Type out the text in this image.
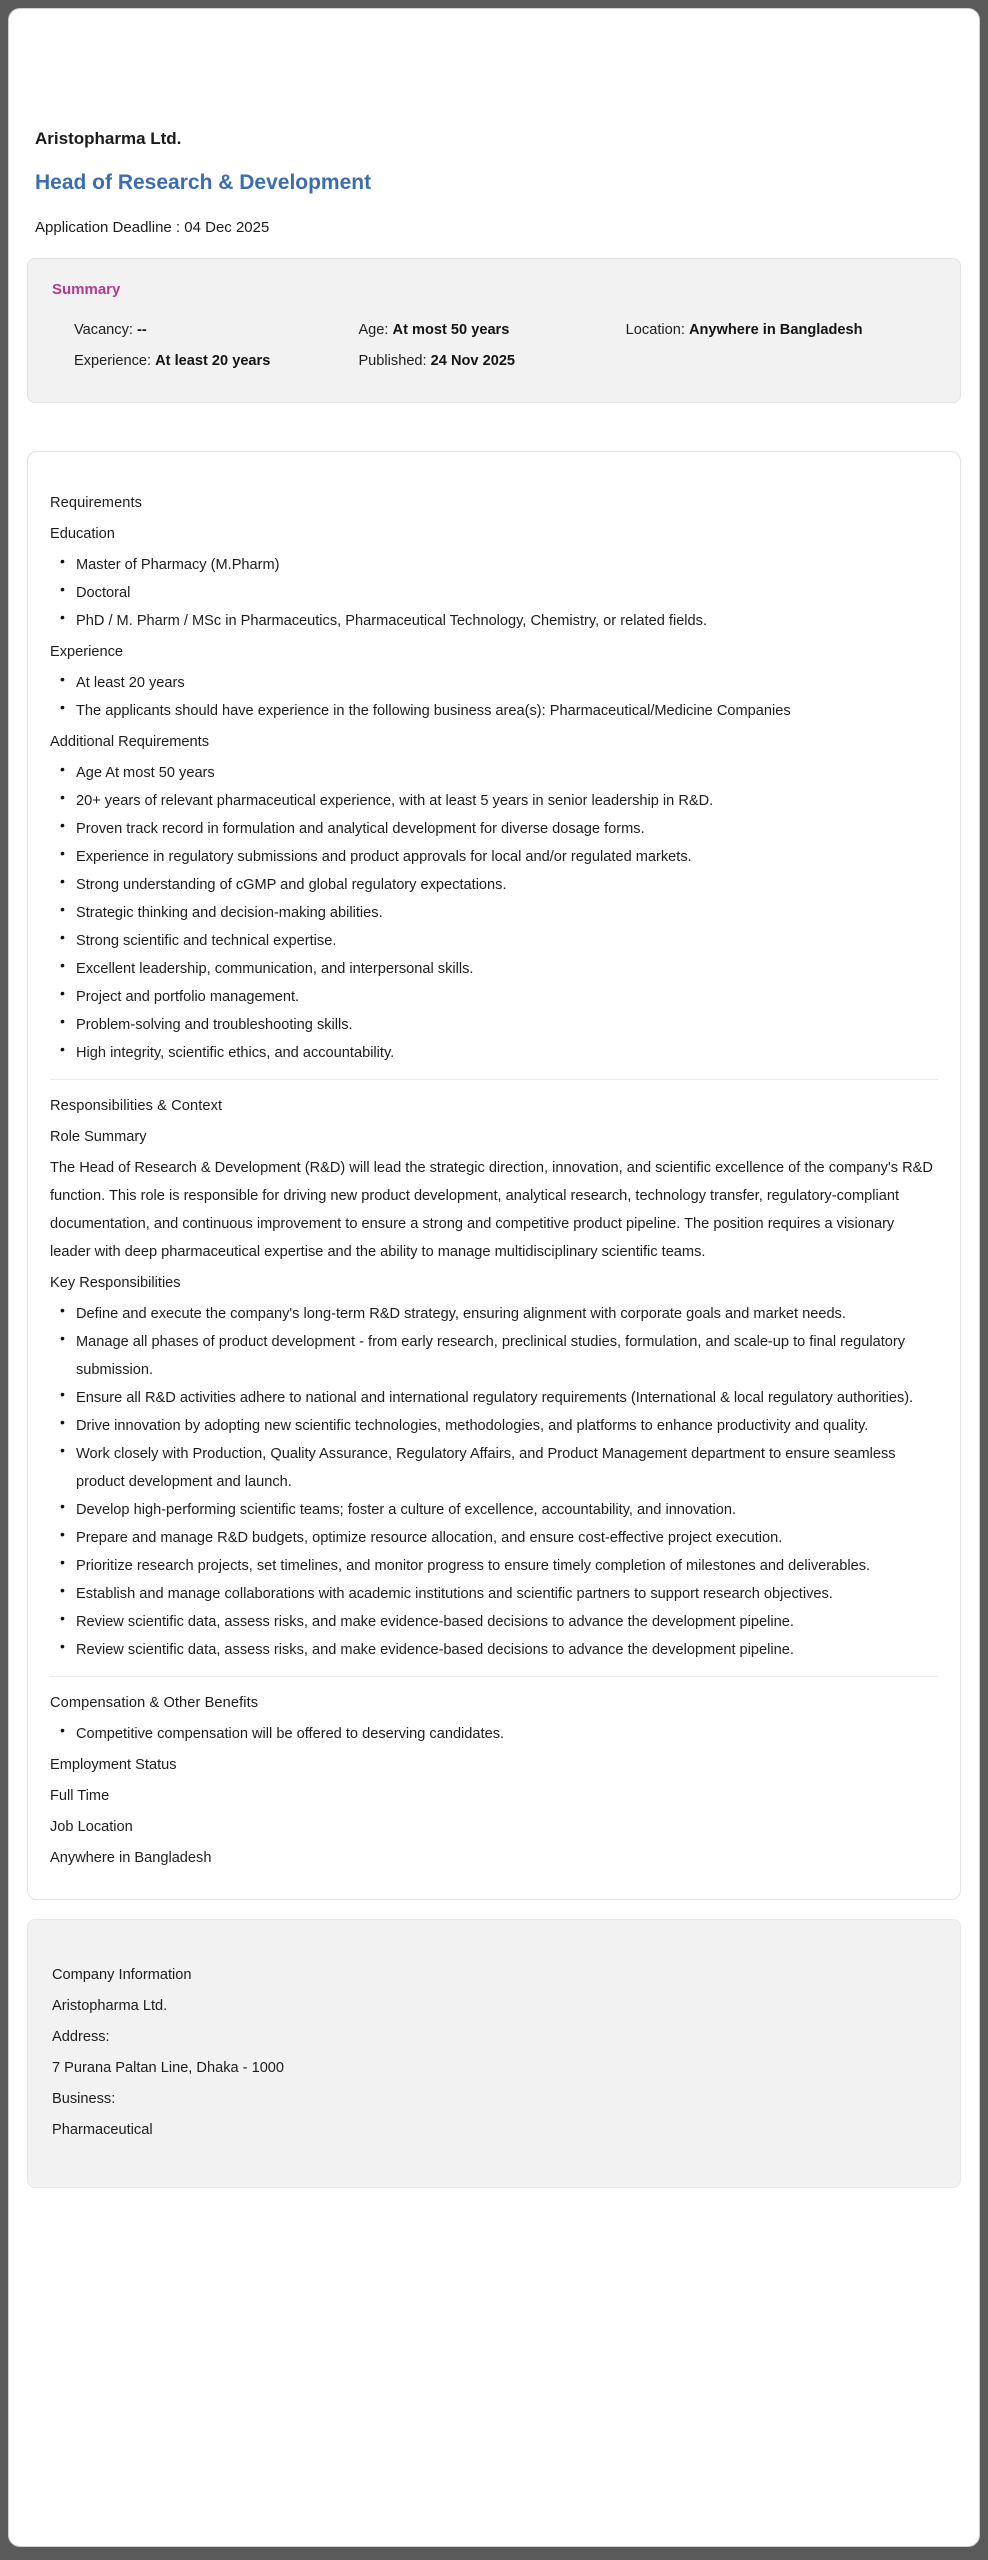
Aristopharma Ltd.
Head of Research & Development

Application Deadline : 04 Dec 2025

Summary

Vacancy: --
Experience: At least 20 years
Age: At most 50 years
Published: 24 Nov 2025
Location: Anywhere in Bangladesh
Requirements
Education
• Master of Pharmacy (M.Pharm)
• Doctoral
• PhD / M. Pharm / MSc in Pharmaceutics, Pharmaceutical Technology, Chemistry, or related fields.
Experience
• At least 20 years
• The applicants should have experience in the following business area(s): Pharmaceutical/Medicine Companies
Additional Requirements
• Age At most 50 years
• 20+ years of relevant pharmaceutical experience, with at least 5 years in senior leadership in R&D.
• Proven track record in formulation and analytical development for diverse dosage forms.
• Experience in regulatory submissions and product approvals for local and/or regulated markets.
• Strong understanding of cGMP and global regulatory expectations.
• Strategic thinking and decision-making abilities.
• Strong scientific and technical expertise.
• Excellent leadership, communication, and interpersonal skills.
• Project and portfolio management.
• Problem-solving and troubleshooting skills.
• High integrity, scientific ethics, and accountability.
Responsibilities & Context
Role Summary

The Head of Research & Development (R&D) will lead the strategic direction, innovation, and scientific excellence of the company's R&D function. This role is responsible for driving new product development, analytical research, technology transfer, regulatory-compliant documentation, and continuous improvement to ensure a strong and competitive product pipeline. The position requires a visionary leader with deep pharmaceutical expertise and the ability to manage multidisciplinary scientific teams.

Key Responsibilities
• Define and execute the company's long-term R&D strategy, ensuring alignment with corporate goals and market needs.
• Manage all phases of product development - from early research, preclinical studies, formulation, and scale-up to final regulatory submission.
• Ensure all R&D activities adhere to national and international regulatory requirements (International & local regulatory authorities).
• Drive innovation by adopting new scientific technologies, methodologies, and platforms to enhance productivity and quality.
• Work closely with Production, Quality Assurance, Regulatory Affairs, and Product Management department to ensure seamless product development and launch.
• Develop high-performing scientific teams; foster a culture of excellence, accountability, and innovation.
• Prepare and manage R&D budgets, optimize resource allocation, and ensure cost-effective project execution.
• Prioritize research projects, set timelines, and monitor progress to ensure timely completion of milestones and deliverables.
• Establish and manage collaborations with academic institutions and scientific partners to support research objectives.
• Review scientific data, assess risks, and make evidence-based decisions to advance the development pipeline.
• Review scientific data, assess risks, and make evidence-based decisions to advance the development pipeline.
Compensation & Other Benefits
• Competitive compensation will be offered to deserving candidates.
Employment Status

Full Time

Job Location

Anywhere in Bangladesh

Company Information

Aristopharma Ltd.

Address:

7 Purana Paltan Line, Dhaka - 1000

Business:

Pharmaceutical
